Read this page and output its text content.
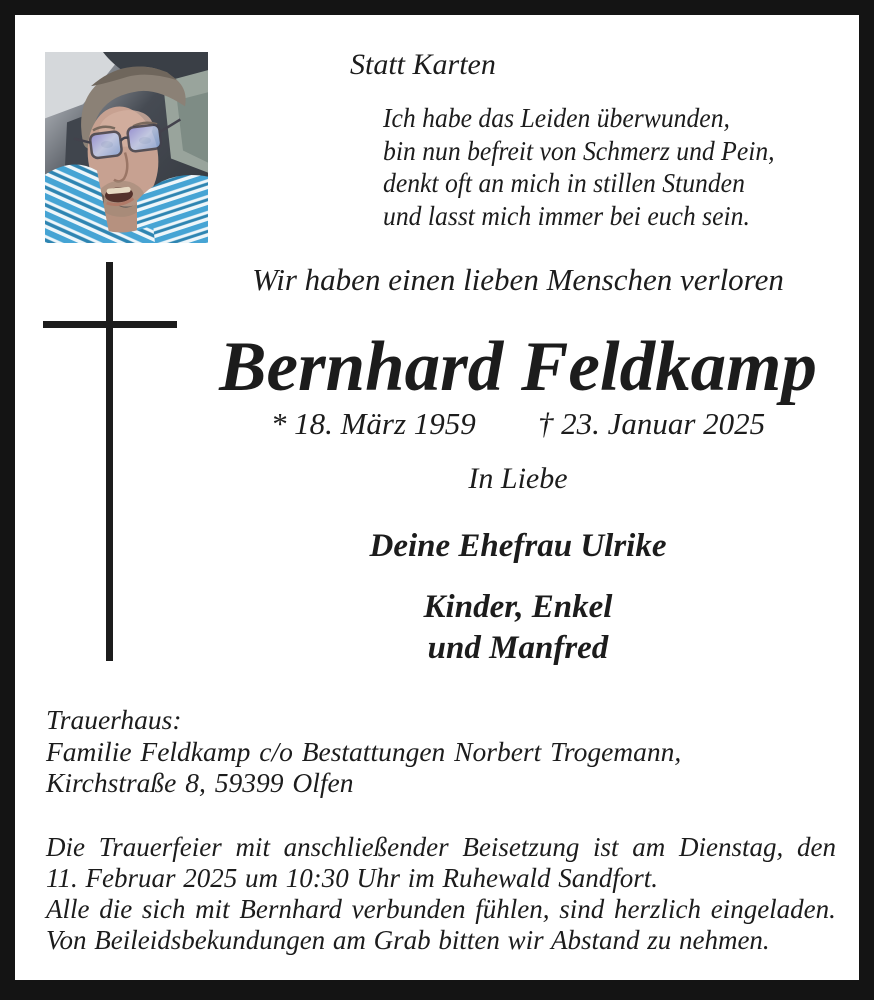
Statt Karten
Ich habe das Leiden überwunden,
bin nun befreit von Schmerz und Pein,
denkt oft an mich in stillen Stunden
und lasst mich immer bei euch sein.
Wir haben einen lieben Menschen verloren
Bernhard Feldkamp
* 18. März 1959 † 23. Januar 2025
In Liebe
Deine Ehefrau Ulrike
Kinder, Enkel
und Manfred
Trauerhaus:
Familie Feldkamp c/o Bestattungen Norbert Trogemann,
Kirchstraße 8, 59399 Olfen
Die Trauerfeier mit anschließender Beisetzung ist am Dienstag, den
11. Februar 2025 um 10:30 Uhr im Ruhewald Sandfort.
Alle die sich mit Bernhard verbunden fühlen, sind herzlich eingeladen.
Von Beileidsbekundungen am Grab bitten wir Abstand zu nehmen.
